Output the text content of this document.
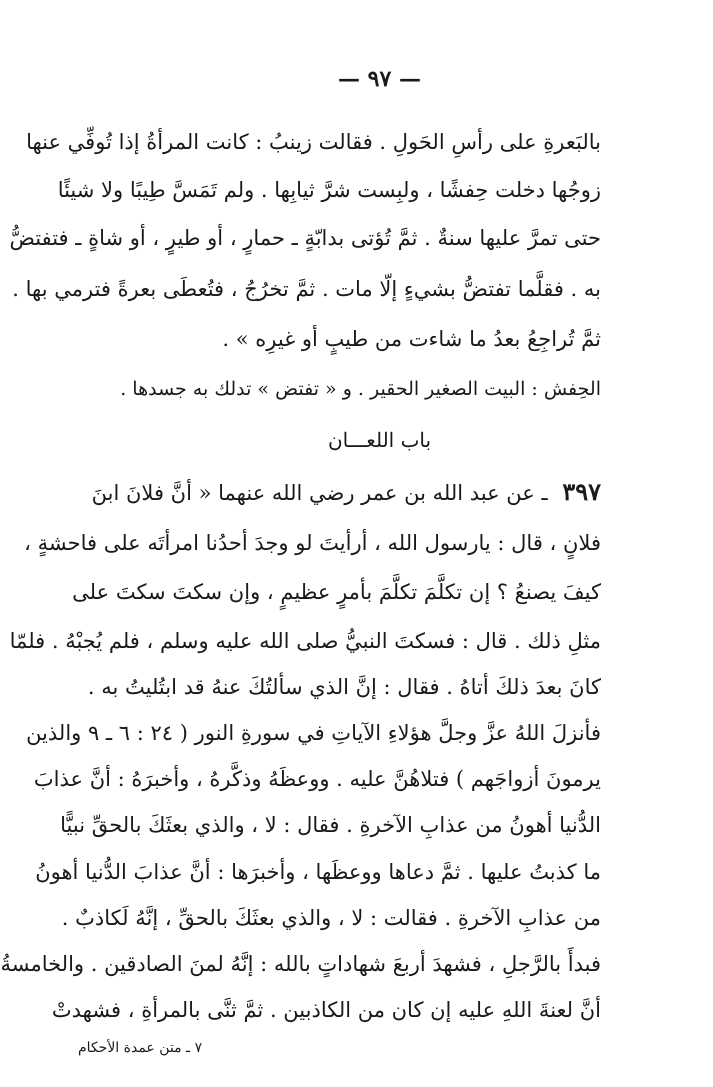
— ٩٧ —
بالبَعرةِ على رأسِ الحَولِ . فقالت زينبُ : كانت المرأةُ إذا تُوفِّي عنها
زوجُها دخلت حِفشًا ، ولبِست شرَّ ثيابِها . ولم تَمَسَّ طِيبًا ولا شيئًا
حتى تمرَّ عليها سنةٌ . ثمَّ تُؤتى بدابّةٍ ـ حمارٍ ، أو طيرٍ ، أو شاةٍ ـ فتفتضُّ
به . فقلَّما تفتضُّ بشيءٍ إلّا مات . ثمَّ تخرُجُ ، فتُعطَى بعرةً فترمي بها .
ثمَّ تُراجِعُ بعدُ ما شاءت من طيبٍ أو غيرِه » .
الحِفش : البيت الصغير الحقير . و « تفتض » تدلك به جسدها .
باب اللعـــان
٣٩٧ ـ عن عبد الله بن عمر رضي الله عنهما « أنَّ فلانَ ابنَ
فلانٍ ، قال : يارسول الله ، أرأيتَ لو وجدَ أحدُنا امرأتَه على فاحشةٍ ،
كيفَ يصنعُ ؟ إن تكلَّمَ تكلَّمَ بأمرٍ عظيمٍ ، وإن سكتَ سكتَ على
مثلِ ذلك . قال : فسكتَ النبيُّ صلى الله عليه وسلم ، فلم يُجبْهُ . فلمّا
كانَ بعدَ ذلكَ أتاهُ . فقال : إنَّ الذي سألتُكَ عنهُ قد ابتُليتُ به .
فأنزلَ اللهُ عزَّ وجلَّ هؤلاءِ الآياتِ في سورةِ النور ( ٢٤ : ٦ ـ ٩ والذين
يرمونَ أزواجَهم ) فتلاهُنَّ عليه . ووعظَهُ وذكَّرهُ ، وأخبرَهُ : أنَّ عذابَ
الدُّنيا أهونُ من عذابِ الآخرةِ . فقال : لا ، والذي بعثَكَ بالحقِّ نبيًّا
ما كذبتُ عليها . ثمَّ دعاها ووعظَها ، وأخبرَها : أنَّ عذابَ الدُّنيا أهونُ
من عذابِ الآخرةِ . فقالت : لا ، والذي بعثَكَ بالحقِّ ، إنَّهُ لَكاذبٌ .
فبدأَ بالرَّجلِ ، فشهدَ أربعَ شهاداتٍ بالله : إنَّهُ لمنَ الصادقين . والخامسةُ
أنَّ لعنةَ اللهِ عليه إن كان من الكاذبين . ثمَّ ثنَّى بالمرأةِ ، فشهدتْ
٧ ـ متن عمدة الأحكام
